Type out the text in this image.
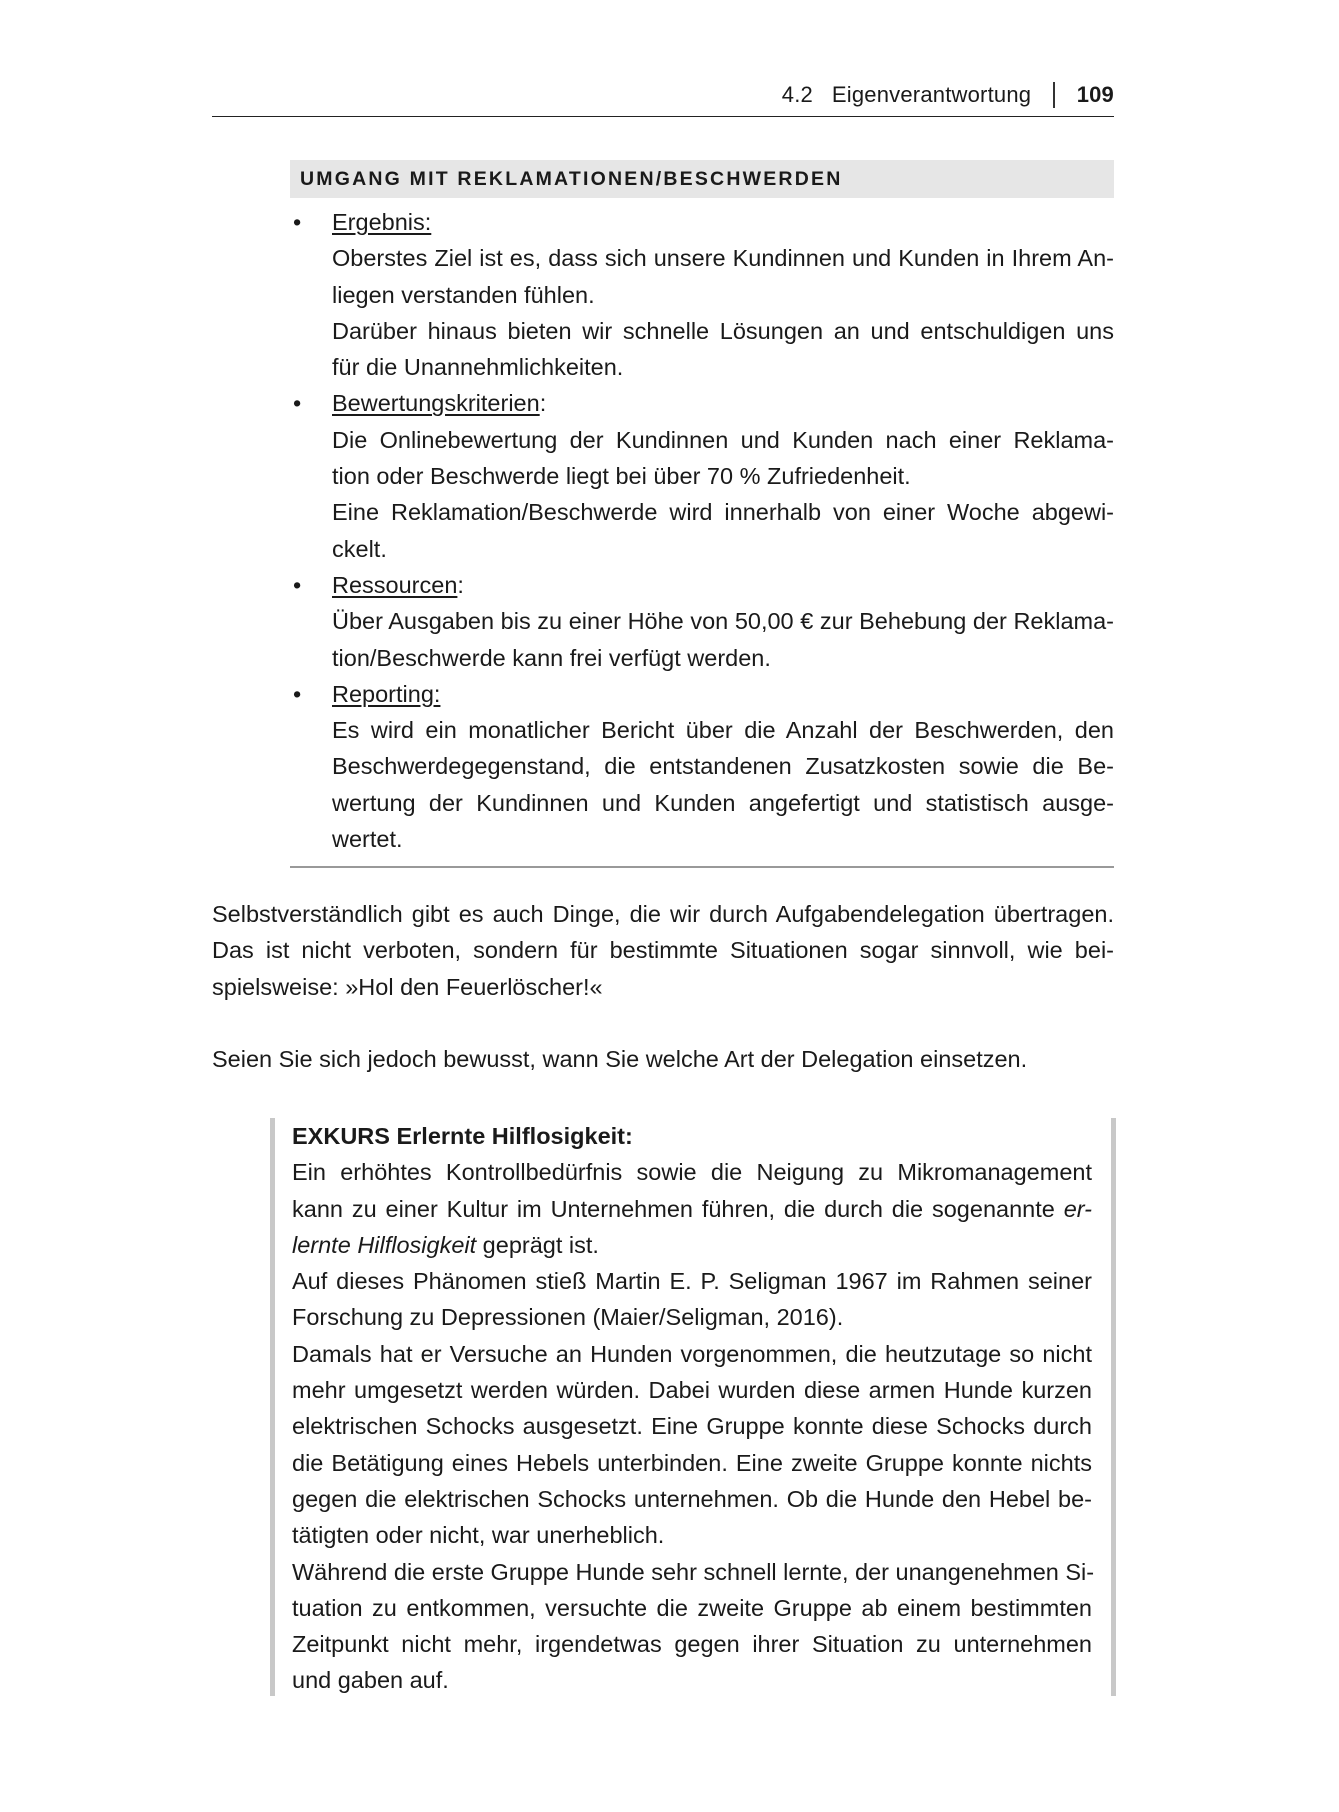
4.2 Eigenverantwortung 109
UMGANG MIT REKLAMATIONEN/BESCHWERDEN
• Ergebnis:
Oberstes Ziel ist es, dass sich unsere Kundinnen und Kunden in Ihrem An-
liegen verstanden fühlen.
Darüber hinaus bieten wir schnelle Lösungen an und entschuldigen uns
für die Unannehmlichkeiten.
• Bewertungskriterien:
Die Onlinebewertung der Kundinnen und Kunden nach einer Reklama-
tion oder Beschwerde liegt bei über 70 % Zufriedenheit.
Eine Reklamation/Beschwerde wird innerhalb von einer Woche abgewi-
ckelt.
• Ressourcen:
Über Ausgaben bis zu einer Höhe von 50,00 € zur Behebung der Reklama-
tion/Beschwerde kann frei verfügt werden.
• Reporting:
Es wird ein monatlicher Bericht über die Anzahl der Beschwerden, den
Beschwerdegegenstand, die entstandenen Zusatzkosten sowie die Be-
wertung der Kundinnen und Kunden angefertigt und statistisch ausge-
wertet.
Selbstverständlich gibt es auch Dinge, die wir durch Aufgabendelegation übertragen.
Das ist nicht verboten, sondern für bestimmte Situationen sogar sinnvoll, wie bei-
spielsweise: »Hol den Feuerlöscher!«
Seien Sie sich jedoch bewusst, wann Sie welche Art der Delegation einsetzen.
EXKURS Erlernte Hilflosigkeit:
Ein erhöhtes Kontrollbedürfnis sowie die Neigung zu Mikromanagement
kann zu einer Kultur im Unternehmen führen, die durch die sogenannte er-
lernte Hilflosigkeit geprägt ist.
Auf dieses Phänomen stieß Martin E. P. Seligman 1967 im Rahmen seiner
Forschung zu Depressionen (Maier/Seligman, 2016).
Damals hat er Versuche an Hunden vorgenommen, die heutzutage so nicht
mehr umgesetzt werden würden. Dabei wurden diese armen Hunde kurzen
elektrischen Schocks ausgesetzt. Eine Gruppe konnte diese Schocks durch
die Betätigung eines Hebels unterbinden. Eine zweite Gruppe konnte nichts
gegen die elektrischen Schocks unternehmen. Ob die Hunde den Hebel be-
tätigten oder nicht, war unerheblich.
Während die erste Gruppe Hunde sehr schnell lernte, der unangenehmen Si-
tuation zu entkommen, versuchte die zweite Gruppe ab einem bestimmten
Zeitpunkt nicht mehr, irgendetwas gegen ihrer Situation zu unternehmen
und gaben auf.
